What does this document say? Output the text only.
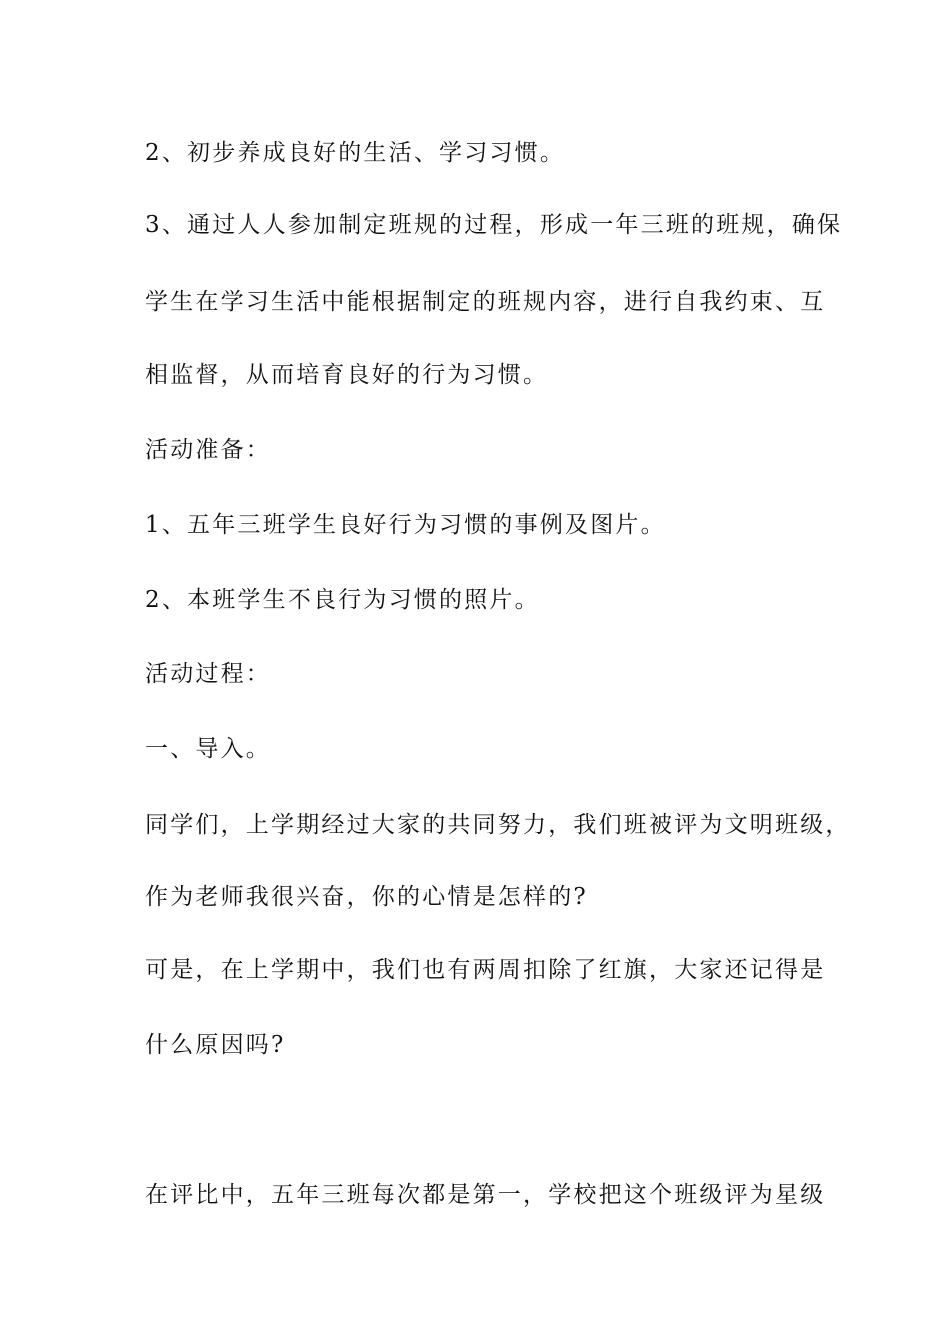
2、初步养成良好的生活、学习习惯。

3、通过人人参加制定班规的过程，形成一年三班的班规，确保

学生在学习生活中能根据制定的班规内容，进行自我约束、互

相监督，从而培育良好的行为习惯。

活动准备：

1、五年三班学生良好行为习惯的事例及图片。

2、本班学生不良行为习惯的照片。

活动过程：

一、导入。

同学们，上学期经过大家的共同努力，我们班被评为文明班级，

作为老师我很兴奋，你的心情是怎样的?

可是，在上学期中，我们也有两周扣除了红旗，大家还记得是

什么原因吗?

在评比中，五年三班每次都是第一，学校把这个班级评为星级
